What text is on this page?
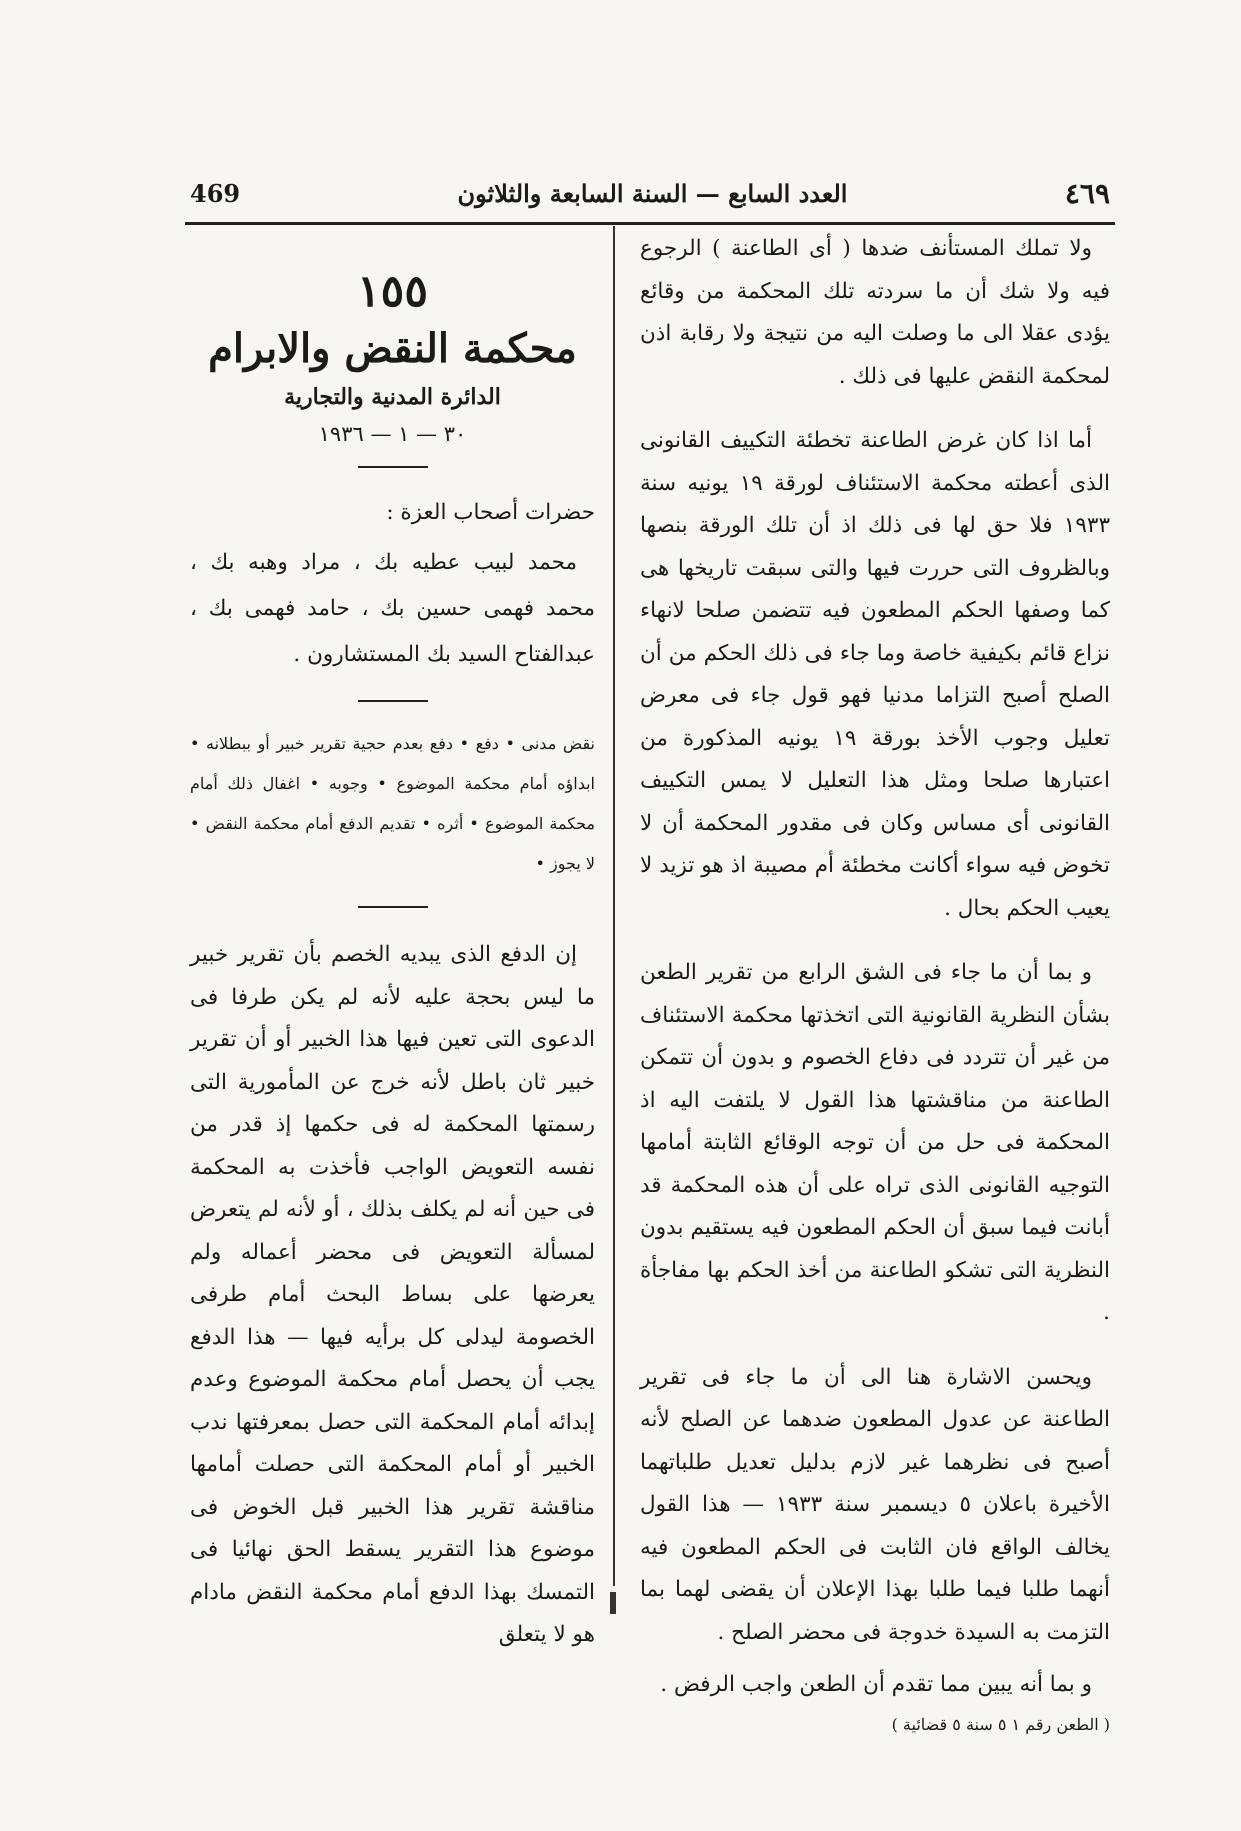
469	العدد السابع — السنة السابعة والثلاثون	٤٦٩

ولا تملك المستأنف ضدها ( أى الطاعنة ) الرجوع فيه ولا شك أن ما سردته تلك المحكمة من وقائع يؤدى عقلا الى ما وصلت اليه من نتيجة ولا رقابة اذن لمحكمة النقض عليها فى ذلك .

أما اذا كان غرض الطاعنة تخطئة التكييف القانونى الذى أعطته محكمة الاستئناف لورقة ١٩ يونيه سنة ١٩٣٣ فلا حق لها فى ذلك اذ أن تلك الورقة بنصها وبالظروف التى حررت فيها والتى سبقت تاريخها هى كما وصفها الحكم المطعون فيه تتضمن صلحا لانهاء نزاع قائم بكيفية خاصة وما جاء فى ذلك الحكم من أن الصلح أصبح التزاما مدنيا فهو قول جاء فى معرض تعليل وجوب الأخذ بورقة ١٩ يونيه المذكورة من اعتبارها صلحا ومثل هذا التعليل لا يمس التكييف القانونى أى مساس وكان فى مقدور المحكمة أن لا تخوض فيه سواء أكانت مخطئة أم مصيبة اذ هو تزيد لا يعيب الحكم بحال .

و بما أن ما جاء فى الشق الرابع من تقرير الطعن بشأن النظرية القانونية التى اتخذتها محكمة الاستئناف من غير أن تتردد فى دفاع الخصوم و بدون أن تتمكن الطاعنة من مناقشتها هذا القول لا يلتفت اليه اذ المحكمة فى حل من أن توجه الوقائع الثابتة أمامها التوجيه القانونى الذى تراه على أن هذه المحكمة قد أبانت فيما سبق أن الحكم المطعون فيه يستقيم بدون النظرية التى تشكو الطاعنة من أخذ الحكم بها مفاجأة .

ويحسن الاشارة هنا الى أن ما جاء فى تقرير الطاعنة عن عدول المطعون ضدهما عن الصلح لأنه أصبح فى نظرهما غير لازم بدليل تعديل طلباتهما الأخيرة باعلان ٥ ديسمبر سنة ١٩٣٣ — هذا القول يخالف الواقع فان الثابت فى الحكم المطعون فيه أنهما طلبا فيما طلبا بهذا الإعلان أن يقضى لهما بما التزمت به السيدة خدوجة فى محضر الصلح .

و بما أنه يبين مما تقدم أن الطعن واجب الرفض .

( الطعن رقم ١ ٥ سنة ٥ قضائية )

١٥٥
محكمة النقض والابرام
الدائرة المدنية والتجارية
٣٠ — ١ — ١٩٣٦
حضرات أصحاب العزة :

محمد لبيب عطيه بك ، مراد وهبه بك ، محمد فهمى حسين بك ، حامد فهمى بك ، عبدالفتاح السيد بك المستشارون .

نقض مدنى • دفع • دفع بعدم حجية تقرير خبير أو ببطلانه • ابداؤه أمام محكمة الموضوع • وجوبه • اغفال ذلك أمام محكمة الموضوع • أثره • تقديم الدفع أمام محكمة النقض • لا يجوز •

إن الدفع الذى يبديه الخصم بأن تقرير خبير ما ليس بحجة عليه لأنه لم يكن طرفا فى الدعوى التى تعين فيها هذا الخبير أو أن تقرير خبير ثان باطل لأنه خرج عن المأمورية التى رسمتها المحكمة له فى حكمها إذ قدر من نفسه التعويض الواجب فأخذت به المحكمة فى حين أنه لم يكلف بذلك ، أو لأنه لم يتعرض لمسألة التعويض فى محضر أعماله ولم يعرضها على بساط البحث أمام طرفى الخصومة ليدلى كل برأيه فيها — هذا الدفع يجب أن يحصل أمام محكمة الموضوع وعدم إبدائه أمام المحكمة التى حصل بمعرفتها ندب الخبير أو أمام المحكمة التى حصلت أمامها مناقشة تقرير هذا الخبير قبل الخوض فى موضوع هذا التقرير يسقط الحق نهائيا فى التمسك بهذا الدفع أمام محكمة النقض مادام هو لا يتعلق
